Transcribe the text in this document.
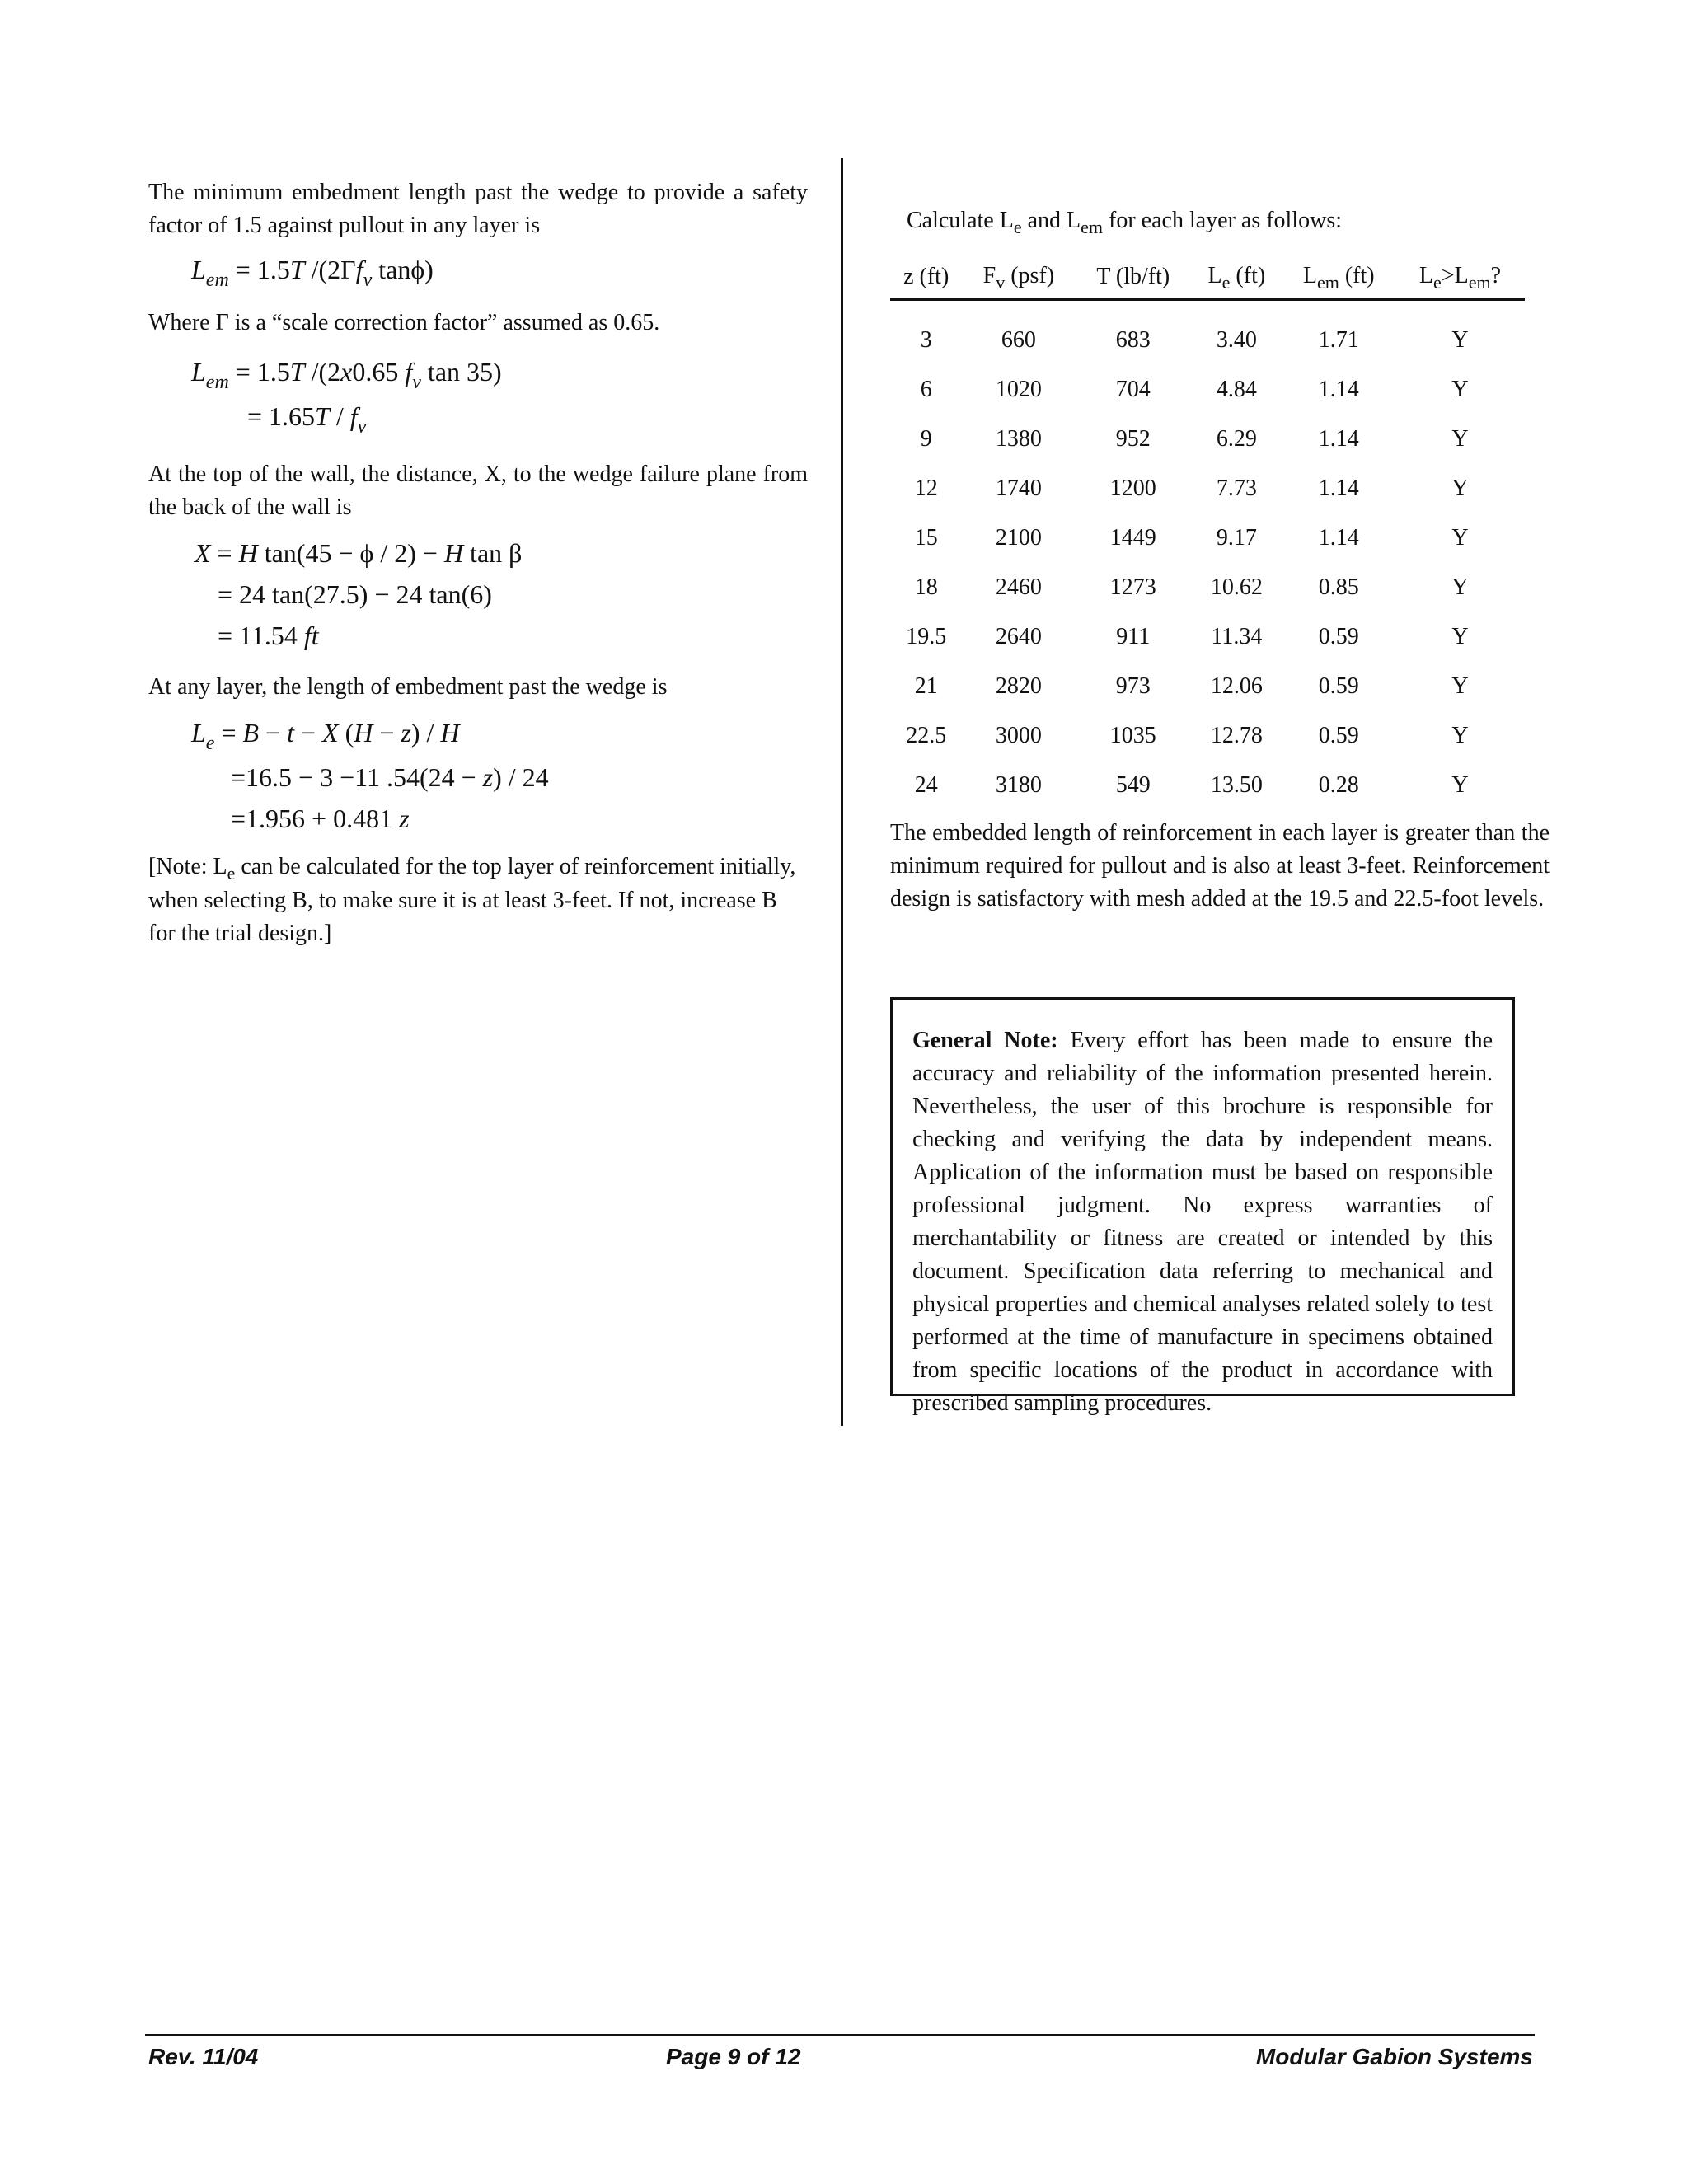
The minimum embedment length past the wedge to provide a safety factor of 1.5 against pullout in any layer is

$L_{em} = 1.5T$ $/(2\Gamma f_v$ tanϕ)

Where Γ is a “scale correction factor” assumed as 0.65.

$L_{em} = 1.5T$ /(2x0.65 $f_v$ tan 35)
= $1.65T / f_v$

At the top of the wall, the distance, X, to the wedge failure plane from the back of the wall is

X = H tan(45 − ϕ / 2) − H tan β
= 24 tan(27.5) − 24 tan(6)
= 11.54 ft

At any layer, the length of embedment past the wedge is

$L_e = B - t - X$ (H − z) / H
=16.5 − 3 −11 .54(24 − z) / 24
=1.956 + 0.481 z

[Note: $L_e$ can be calculated for the top layer of reinforcement initially, when selecting B, to make sure it is at least 3-feet. If not, increase B for the trial design.]

Calculate $L_e$ and $L_{em}$ for each layer as follows:

z (ft)	$F_v$ (psf)	T (lb/ft)	$L_e$ (ft)	$L_{em}$ (ft)	$L_e>L_{em}$?
3	660	683	3.40	1.71	Y
6	1020	704	4.84	1.14	Y
9	1380	952	6.29	1.14	Y
12	1740	1200	7.73	1.14	Y
15	2100	1449	9.17	1.14	Y
18	2460	1273	10.62	0.85	Y
19.5	2640	911	11.34	0.59	Y
21	2820	973	12.06	0.59	Y
22.5	3000	1035	12.78	0.59	Y
24	3180	549	13.50	0.28	Y

The embedded length of reinforcement in each layer is greater than the minimum required for pullout and is also at least 3-feet. Reinforcement design is satisfactory with mesh added at the 19.5 and 22.5-foot levels.

General Note: Every effort has been made to ensure the accuracy and reliability of the information presented herein. Nevertheless, the user of this brochure is responsible for checking and verifying the data by independent means. Application of the information must be based on responsible professional judgment. No express warranties of merchantability or fitness are created or intended by this document. Specification data referring to mechanical and physical properties and chemical analyses related solely to test performed at the time of manufacture in specimens obtained from specific locations of the product in accordance with prescribed sampling procedures.
Rev. 11/04	Page 9 of 12	Modular Gabion Systems
